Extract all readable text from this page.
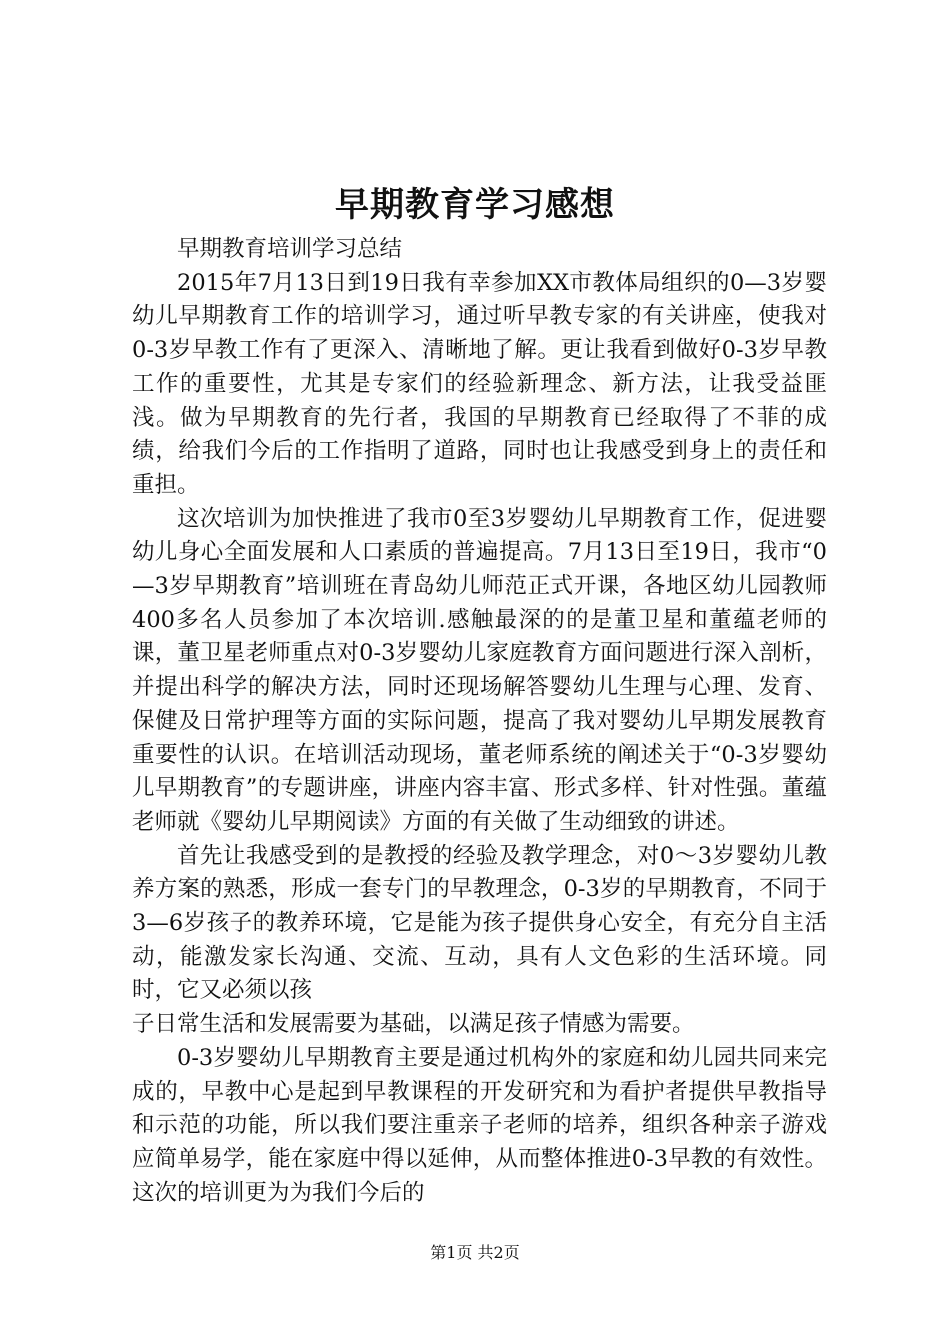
早期教育学习感想

早期教育培训学习总结

2015年7月13日到19日我有幸参加XX市教体局组织的0—3岁婴幼儿早期教育工作的培训学习，通过听早教专家的有关讲座，使我对0-3岁早教工作有了更深入、清晰地了解。更让我看到做好0-3岁早教工作的重要性，尤其是专家们的经验新理念、新方法，让我受益匪浅。做为早期教育的先行者，我国的早期教育已经取得了不菲的成绩，给我们今后的工作指明了道路，同时也让我感受到身上的责任和重担。

这次培训为加快推进了我市0至3岁婴幼儿早期教育工作，促进婴幼儿身心全面发展和人口素质的普遍提高。7月13日至19日，我市“0—3岁早期教育”培训班在青岛幼儿师范正式开课，各地区幼儿园教师400多名人员参加了本次培训.感触最深的的是董卫星和董蕴老师的课，董卫星老师重点对0-3岁婴幼儿家庭教育方面问题进行深入剖析，并提出科学的解决方法，同时还现场解答婴幼儿生理与心理、发育、保健及日常护理等方面的实际问题，提高了我对婴幼儿早期发展教育重要性的认识。在培训活动现场，董老师系统的阐述关于“0-3岁婴幼儿早期教育”的专题讲座，讲座内容丰富、形式多样、针对性强。董蕴老师就《婴幼儿早期阅读》方面的有关做了生动细致的讲述。

首先让我感受到的是教授的经验及教学理念，对0～3岁婴幼儿教养方案的熟悉，形成一套专门的早教理念，0-3岁的早期教育，不同于3—6岁孩子的教养环境，它是能为孩子提供身心安全，有充分自主活动，能激发家长沟通、交流、互动，具有人文色彩的生活环境。同时，它又必须以孩

子日常生活和发展需要为基础，以满足孩子情感为需要。

0-3岁婴幼儿早期教育主要是通过机构外的家庭和幼儿园共同来完成的，早教中心是起到早教课程的开发研究和为看护者提供早教指导和示范的功能，所以我们要注重亲子老师的培养，组织各种亲子游戏应简单易学，能在家庭中得以延伸，从而整体推进0-3早教的有效性。这次的培训更为为我们今后的

第1页 共2页
